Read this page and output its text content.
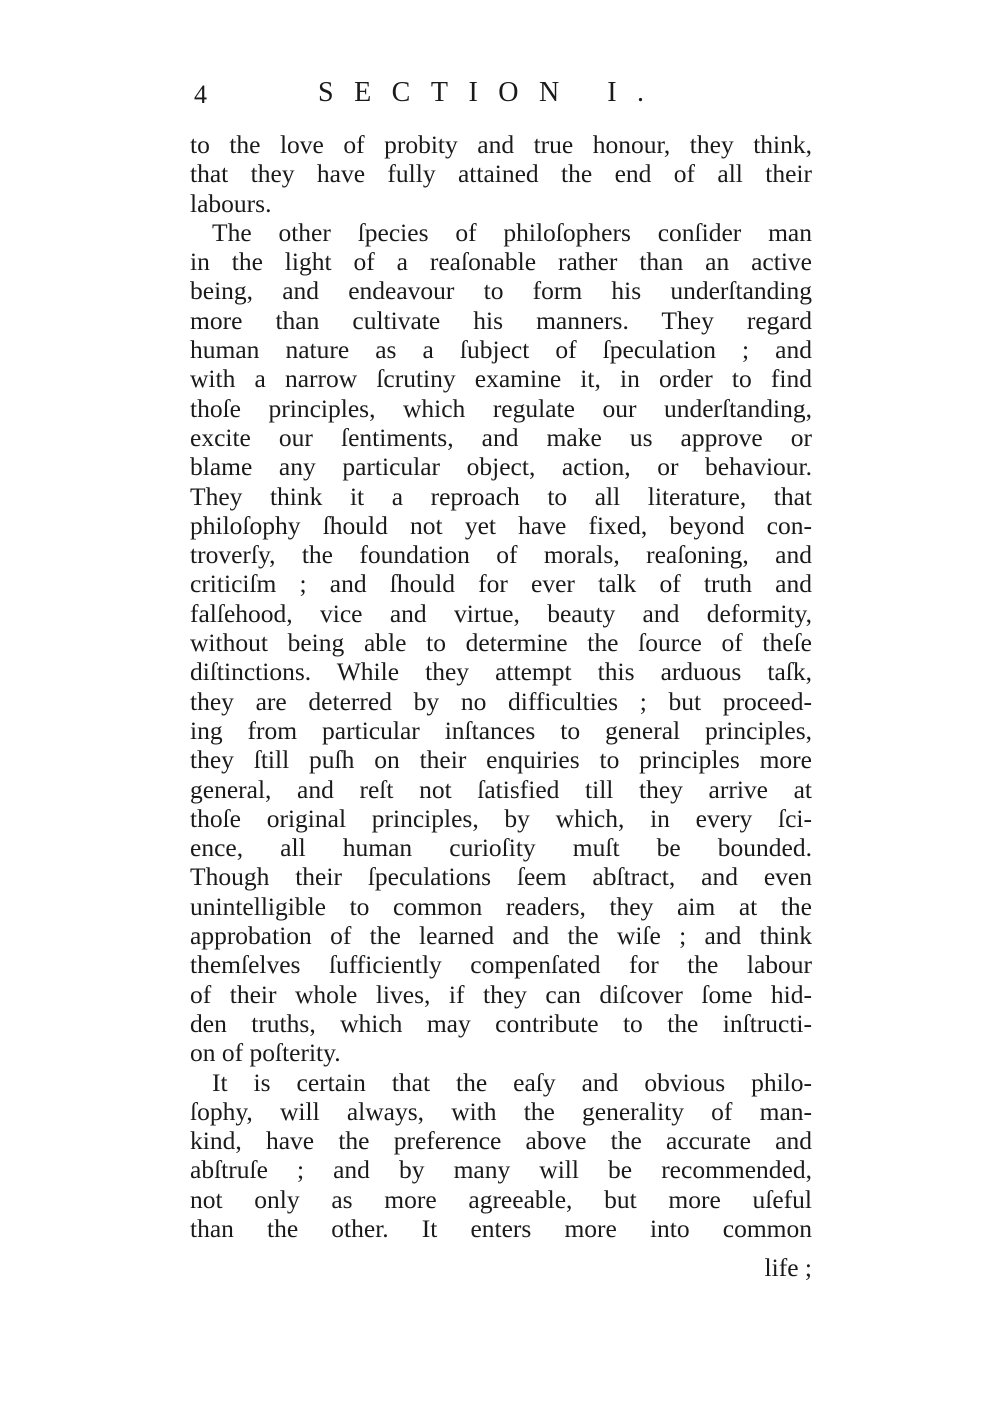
4	SECTION I.
to the love of probity and true honour, they think,
that they have fully attained the end of all their
labours.
The other ſpecies of philoſophers conſider man
in the light of a reaſonable rather than an active
being, and endeavour to form his underſtanding
more than cultivate his manners. They regard
human nature as a ſubject of ſpeculation ; and
with a narrow ſcrutiny examine it, in order to find
thoſe principles, which regulate our underſtanding,
excite our ſentiments, and make us approve or
blame any particular object, action, or behaviour.
They think it a reproach to all literature, that
philoſophy ſhould not yet have fixed, beyond con-
troverſy, the foundation of morals, reaſoning, and
criticiſm ; and ſhould for ever talk of truth and
falſehood, vice and virtue, beauty and deformity,
without being able to determine the ſource of theſe
diſtinctions. While they attempt this arduous taſk,
they are deterred by no difficulties ; but proceed-
ing from particular inſtances to general principles,
they ſtill puſh on their enquiries to principles more
general, and reſt not ſatisfied till they arrive at
thoſe original principles, by which, in every ſci-
ence, all human curioſity muſt be bounded.
Though their ſpeculations ſeem abſtract, and even
unintelligible to common readers, they aim at the
approbation of the learned and the wiſe ; and think
themſelves ſufficiently compenſated for the labour
of their whole lives, if they can diſcover ſome hid-
den truths, which may contribute to the inſtructi-
on of poſterity.
It is certain that the eaſy and obvious philo-
ſophy, will always, with the generality of man-
kind, have the preference above the accurate and
abſtruſe ; and by many will be recommended,
not only as more agreeable, but more uſeful
than the other. It enters more into common
life ;
